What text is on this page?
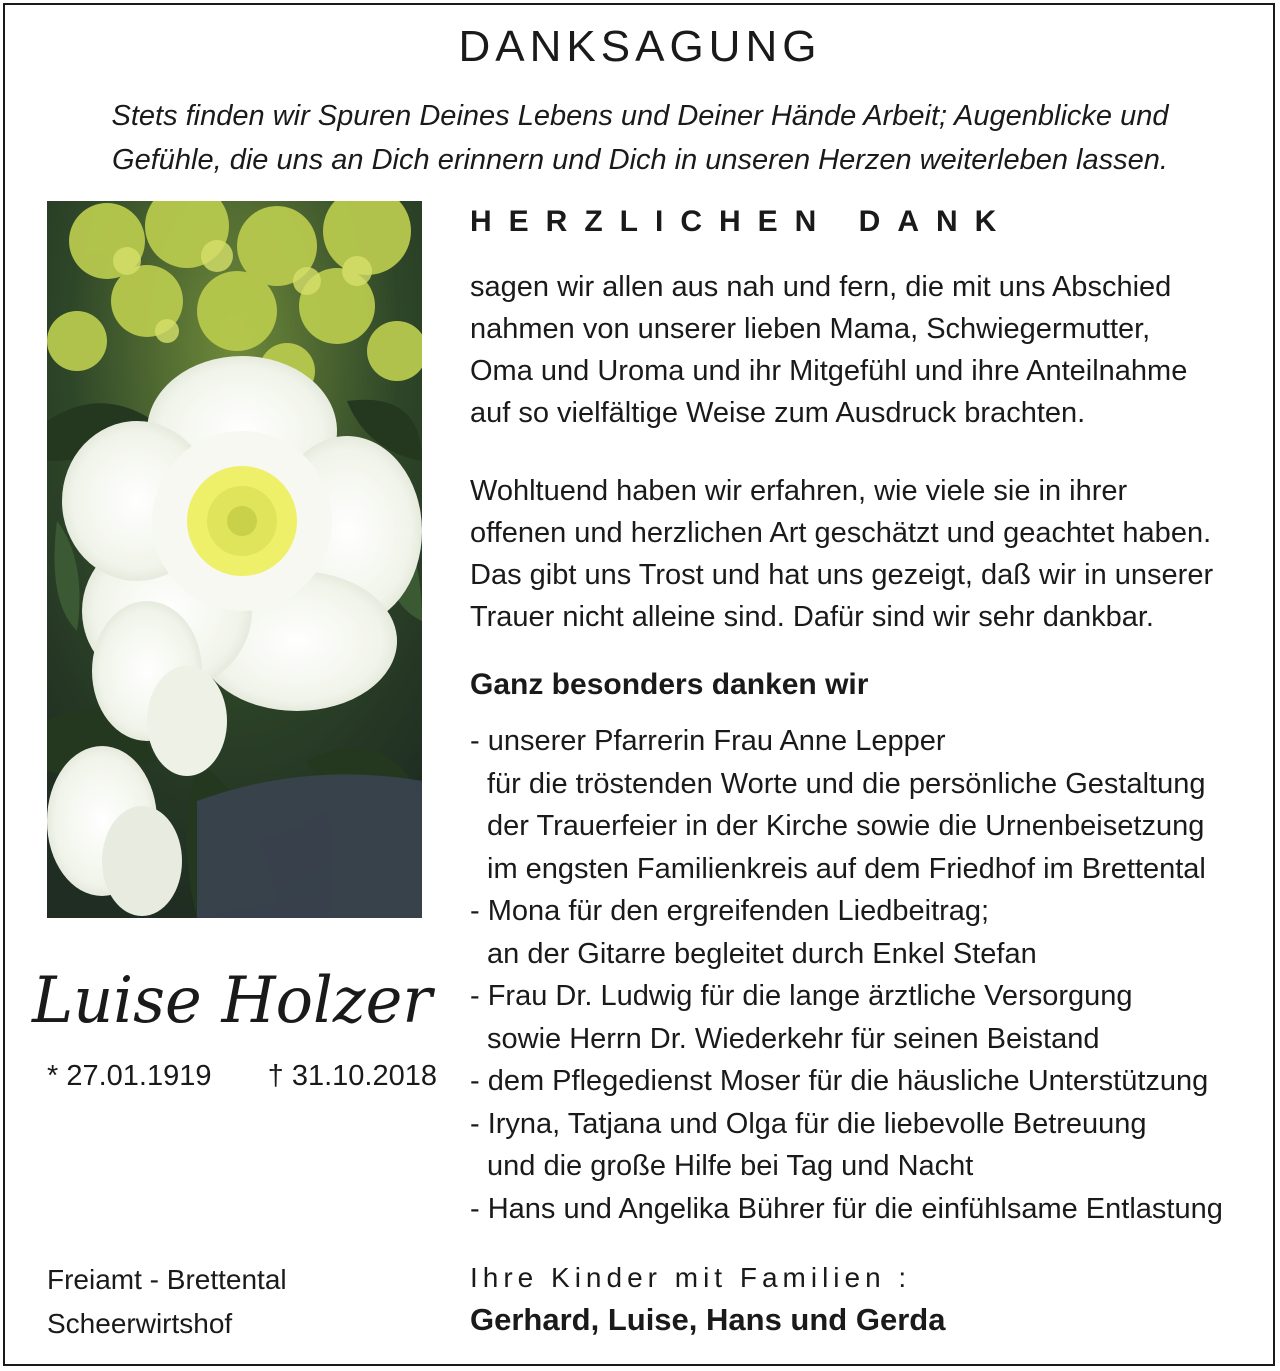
DANKSAGUNG
Stets finden wir Spuren Deines Lebens und Deiner Hände Arbeit; Augenblicke und
Gefühle, die uns an Dich erinnern und Dich in unseren Herzen weiterleben lassen.
Luise Holzer
* 27.01.1919 † 31.10.2018
Freiamt - Brettental
Scheerwirtshof
HERZLICHEN DANK
sagen wir allen aus nah und fern, die mit uns Abschied
nahmen von unserer lieben Mama, Schwiegermutter,
Oma und Uroma und ihr Mitgefühl und ihre Anteilnahme
auf so vielfältige Weise zum Ausdruck brachten.
Wohltuend haben wir erfahren, wie viele sie in ihrer
offenen und herzlichen Art geschätzt und geachtet haben.
Das gibt uns Trost und hat uns gezeigt, daß wir in unserer
Trauer nicht alleine sind. Dafür sind wir sehr dankbar.
Ganz besonders danken wir
- unserer Pfarrerin Frau Anne Lepper
für die tröstenden Worte und die persönliche Gestaltung
der Trauerfeier in der Kirche sowie die Urnenbeisetzung
im engsten Familienkreis auf dem Friedhof im Brettental
- Mona für den ergreifenden Liedbeitrag;
an der Gitarre begleitet durch Enkel Stefan
- Frau Dr. Ludwig für die lange ärztliche Versorgung
sowie Herrn Dr. Wiederkehr für seinen Beistand
- dem Pflegedienst Moser für die häusliche Unterstützung
- Iryna, Tatjana und Olga für die liebevolle Betreuung
und die große Hilfe bei Tag und Nacht
- Hans und Angelika Bührer für die einfühlsame Entlastung
Ihre Kinder mit Familien :
Gerhard, Luise, Hans und Gerda
